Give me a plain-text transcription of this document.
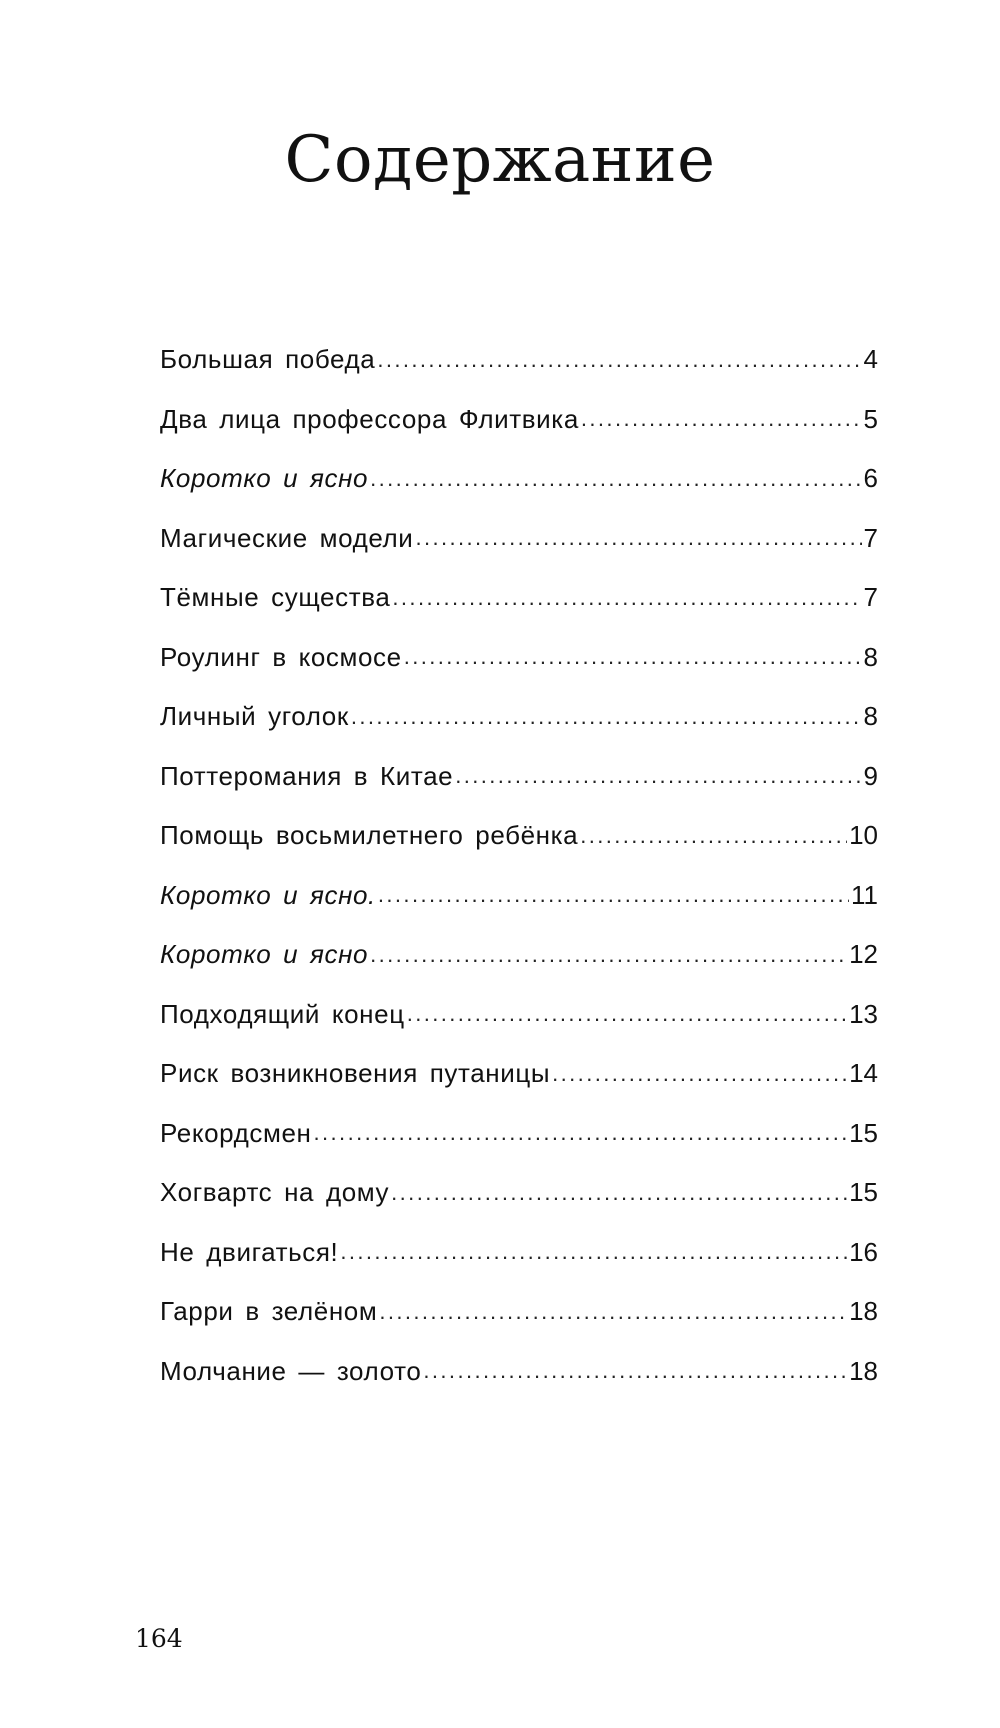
Содержание
Большая победа .....	4
Два лица профессора Флитвика .....	5
Коротко и ясно .....	6
Магические модели .....	7
Тёмные существа .....	7
Роулинг в космосе .....	8
Личный уголок .....	8
Поттеромания в Китае .....	9
Помощь восьмилетнего ребёнка .....	10
Коротко и ясно. .....	11
Коротко и ясно .....	12
Подходящий конец .....	13
Риск возникновения путаницы .....	14
Рекордсмен .....	15
Хогвартс на дому .....	15
Не двигаться! .....	16
Гарри в зелёном .....	18
Молчание — золото .....	18
164
